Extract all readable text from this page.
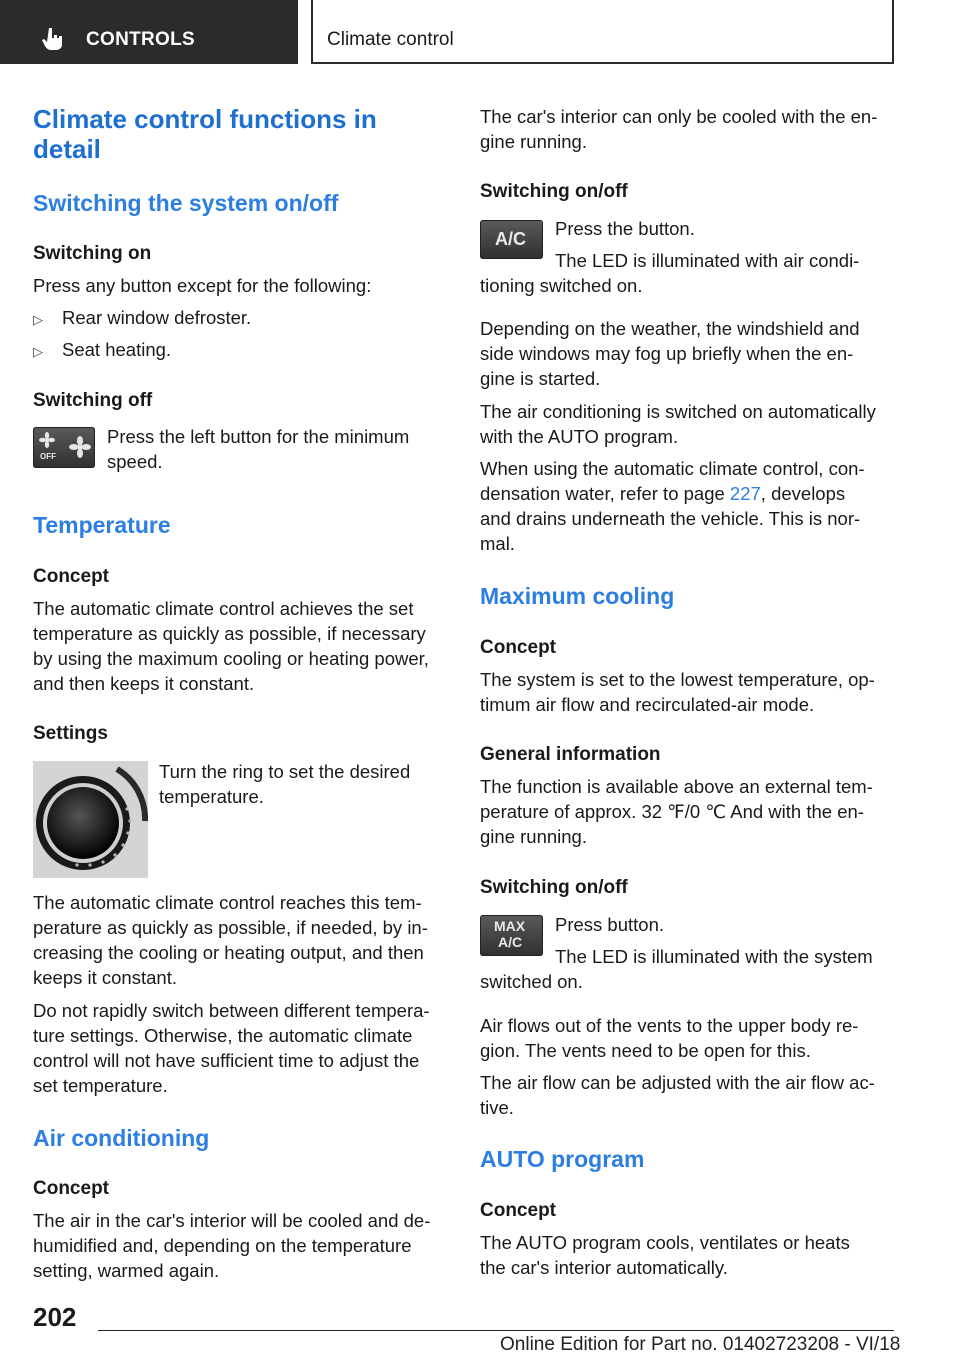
CONTROLS	Climate control

Climate control functions in

detail

Switching the system on/off

Switching on

Press any button except for the following:

▷ Rear window defroster.

▷ Seat heating.

Switching off

OFF

Press the left button for the minimum

speed.

Temperature

Concept

The automatic climate control achieves the set

temperature as quickly as possible, if necessary

by using the maximum cooling or heating power,

and then keeps it constant.

Settings

Turn the ring to set the desired

temperature.

The automatic climate control reaches this tem‐

perature as quickly as possible, if needed, by in‐

creasing the cooling or heating output, and then

keeps it constant.

Do not rapidly switch between different tempera‐

ture settings. Otherwise, the automatic climate

control will not have sufficient time to adjust the

set temperature.

Air conditioning

Concept

The air in the car's interior will be cooled and de‐

humidified and, depending on the temperature

setting, warmed again.

The car's interior can only be cooled with the en‐

gine running.

Switching on/off

A/C Press the button.

The LED is illuminated with air condi‐

tioning switched on.

Depending on the weather, the windshield and

side windows may fog up briefly when the en‐

gine is started.

The air conditioning is switched on automatically

with the AUTO program.

When using the automatic climate control, con‐

densation water, refer to page 227, develops

and drains underneath the vehicle. This is nor‐

mal.

Maximum cooling

Concept

The system is set to the lowest temperature, op‐

timum air flow and recirculated-air mode.

General information

The function is available above an external tem‐

perature of approx. 32 ℉/0 ℃ And with the en‐

gine running.

Switching on/off

MAX
A/C

Press button.

The LED is illuminated with the system

switched on.

Air flows out of the vents to the upper body re‐

gion. The vents need to be open for this.

The air flow can be adjusted with the air flow ac‐

tive.

AUTO program

Concept

The AUTO program cools, ventilates or heats

the car's interior automatically.

202
Online Edition for Part no. 01402723208 - VI/18
